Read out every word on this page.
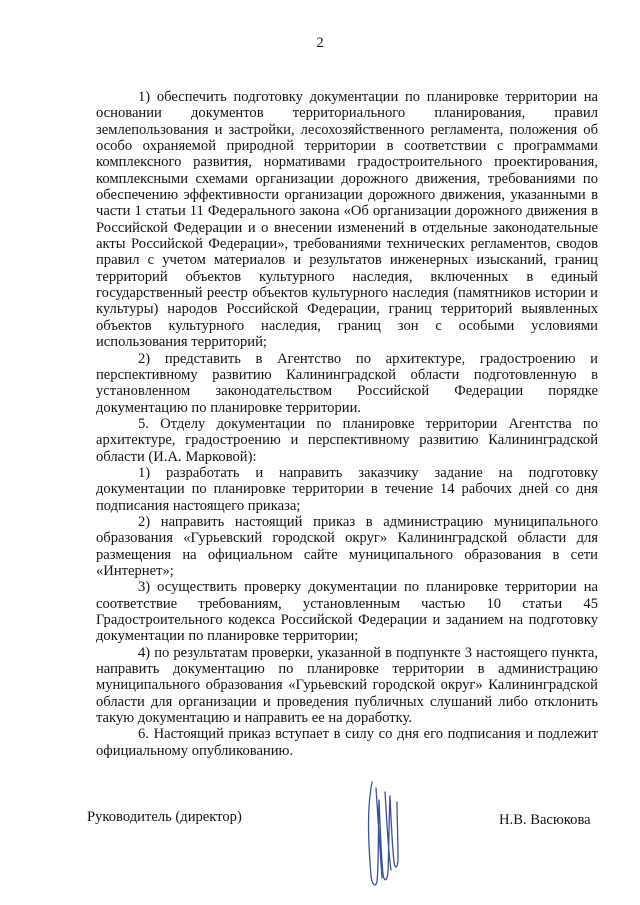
2
1) обеспечить подготовку документации по планировке территории на
основании документов территориального планирования, правил
землепользования и застройки, лесохозяйственного регламента, положения об
особо охраняемой природной территории в соответствии с программами
комплексного развития, нормативами градостроительного проектирования,
комплексными схемами организации дорожного движения, требованиями по
обеспечению эффективности организации дорожного движения, указанными в
части 1 статьи 11 Федерального закона «Об организации дорожного движения в
Российской Федерации и о внесении изменений в отдельные законодательные
акты Российской Федерации», требованиями технических регламентов, сводов
правил с учетом материалов и результатов инженерных изысканий, границ
территорий объектов культурного наследия, включенных в единый
государственный реестр объектов культурного наследия (памятников истории и
культуры) народов Российской Федерации, границ территорий выявленных
объектов культурного наследия, границ зон с особыми условиями
использования территорий;
2) представить в Агентство по архитектуре, градостроению и
перспективному развитию Калининградской области подготовленную в
установленном законодательством Российской Федерации порядке
документацию по планировке территории.
5. Отделу документации по планировке территории Агентства по
архитектуре, градостроению и перспективному развитию Калининградской
области (И.А. Марковой):
1) разработать и направить заказчику задание на подготовку
документации по планировке территории в течение 14 рабочих дней со дня
подписания настоящего приказа;
2) направить настоящий приказ в администрацию муниципального
образования «Гурьевский городской округ» Калининградской области для
размещения на официальном сайте муниципального образования в сети
«Интернет»;
3) осуществить проверку документации по планировке территории на
соответствие требованиям, установленным частью 10 статьи 45
Градостроительного кодекса Российской Федерации и заданием на подготовку
документации по планировке территории;
4) по результатам проверки, указанной в подпункте 3 настоящего пункта,
направить документацию по планировке территории в администрацию
муниципального образования «Гурьевский городской округ» Калининградской
области для организации и проведения публичных слушаний либо отклонить
такую документацию и направить ее на доработку.
6. Настоящий приказ вступает в силу со дня его подписания и подлежит
официальному опубликованию.
Руководитель (директор)	Н.В. Васюкова
